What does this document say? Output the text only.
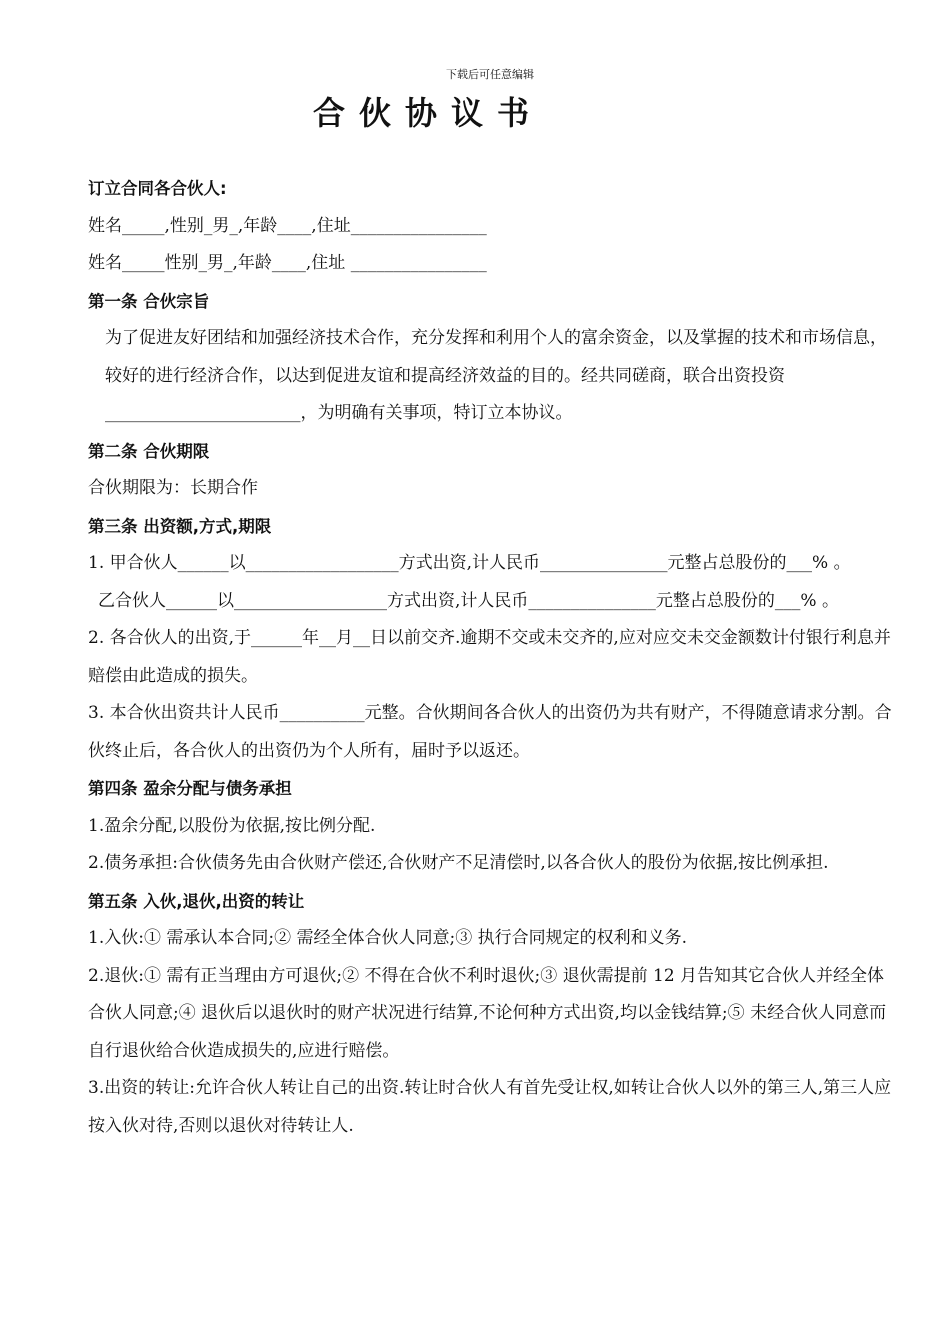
下载后可任意编辑
合伙协议书
订立合同各合伙人:
姓名_____,性别_男_,年龄____,住址________________
姓名_____性别_男_,年龄____,住址 ________________
第一条 合伙宗旨
为了促进友好团结和加强经济技术合作，充分发挥和利用个人的富余资金，以及掌握的技术和市场信息，较好的进行经济合作，以达到促进友谊和提高经济效益的目的。经共同磋商，联合出资投资_______________________，为明确有关事项，特订立本协议。
第二条 合伙期限
合伙期限为：长期合作
第三条 出资额,方式,期限
1. 甲合伙人______以__________________方式出资,计人民币_______________元整占总股份的___% 。
乙合伙人______以__________________方式出资,计人民币_______________元整占总股份的___% 。
2. 各合伙人的出资,于______年__月__日以前交齐.逾期不交或未交齐的,应对应交未交金额数计付银行利息并赔偿由此造成的损失。
3. 本合伙出资共计人民币__________元整。合伙期间各合伙人的出资仍为共有财产，不得随意请求分割。合伙终止后，各合伙人的出资仍为个人所有，届时予以返还。
第四条 盈余分配与债务承担
1.盈余分配,以股份为依据,按比例分配.
2.债务承担:合伙债务先由合伙财产偿还,合伙财产不足清偿时,以各合伙人的股份为依据,按比例承担.
第五条 入伙,退伙,出资的转让
1.入伙:① 需承认本合同;② 需经全体合伙人同意;③ 执行合同规定的权利和义务.
2.退伙:① 需有正当理由方可退伙;② 不得在合伙不利时退伙;③ 退伙需提前 12 月告知其它合伙人并经全体合伙人同意;④ 退伙后以退伙时的财产状况进行结算,不论何种方式出资,均以金钱结算;⑤ 未经合伙人同意而自行退伙给合伙造成损失的,应进行赔偿。
3.出资的转让:允许合伙人转让自己的出资.转让时合伙人有首先受让权,如转让合伙人以外的第三人,第三人应按入伙对待,否则以退伙对待转让人.
